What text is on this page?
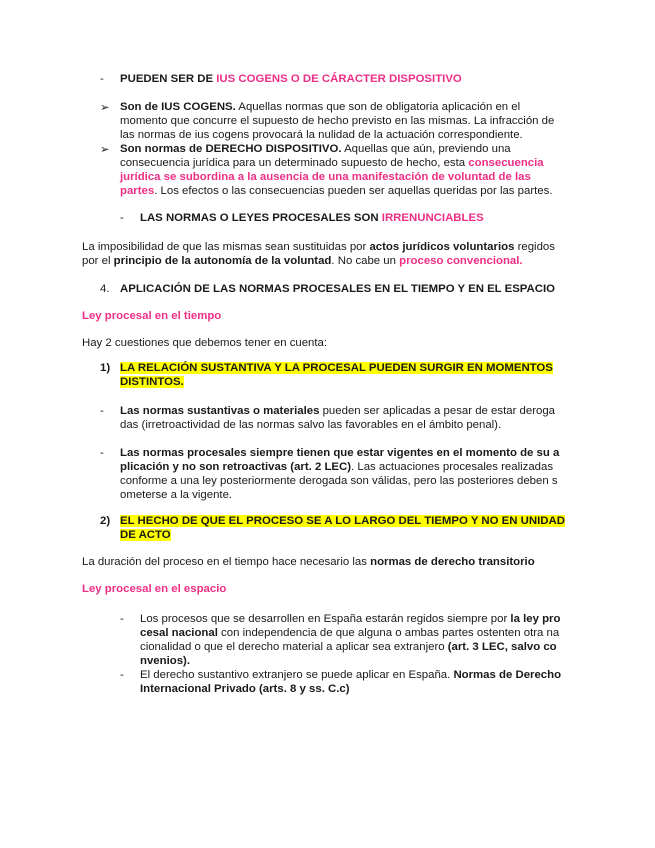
- PUEDEN SER DE IUS COGENS O DE CÁRACTER DISPOSITIVO
➢ Son de IUS COGENS. Aquellas normas que son de obligatoria aplicación en el
momento que concurre el supuesto de hecho previsto en las mismas. La infracción de
las normas de ius cogens provocará la nulidad de la actuación correspondiente.
➢ Son normas de DERECHO DISPOSITIVO. Aquellas que aún, previendo una
consecuencia jurídica para un determinado supuesto de hecho, esta consecuencia
jurídica se subordina a la ausencia de una manifestación de voluntad de las
partes. Los efectos o las consecuencias pueden ser aquellas queridas por las partes.
- LAS NORMAS O LEYES PROCESALES SON IRRENUNCIABLES
La imposibilidad de que las mismas sean sustituidas por actos jurídicos voluntarios regidos
por el principio de la autonomía de la voluntad. No cabe un proceso convencional.
4. APLICACIÓN DE LAS NORMAS PROCESALES EN EL TIEMPO Y EN EL ESPACIO
Ley procesal en el tiempo
Hay 2 cuestiones que debemos tener en cuenta:
1) LA RELACIÓN SUSTANTIVA Y LA PROCESAL PUEDEN SURGIR EN MOMENTOS
DISTINTOS.
- Las normas sustantivas o materiales pueden ser aplicadas a pesar de estar deroga
das (irretroactividad de las normas salvo las favorables en el ámbito penal).
- Las normas procesales siempre tienen que estar vigentes en el momento de su a
plicación y no son retroactivas (art. 2 LEC). Las actuaciones procesales realizadas
conforme a una ley posteriormente derogada son válidas, pero las posteriores deben s
ometerse a la vigente.
2) EL HECHO DE QUE EL PROCESO SE A LO LARGO DEL TIEMPO Y NO EN UNIDAD
DE ACTO
La duración del proceso en el tiempo hace necesario las normas de derecho transitorio
Ley procesal en el espacio
- Los procesos que se desarrollen en España estarán regidos siempre por la ley pro
cesal nacional con independencia de que alguna o ambas partes ostenten otra na
cionalidad o que el derecho material a aplicar sea extranjero (art. 3 LEC, salvo co
nvenios).
- El derecho sustantivo extranjero se puede aplicar en España. Normas de Derecho
Internacional Privado (arts. 8 y ss. C.c)
